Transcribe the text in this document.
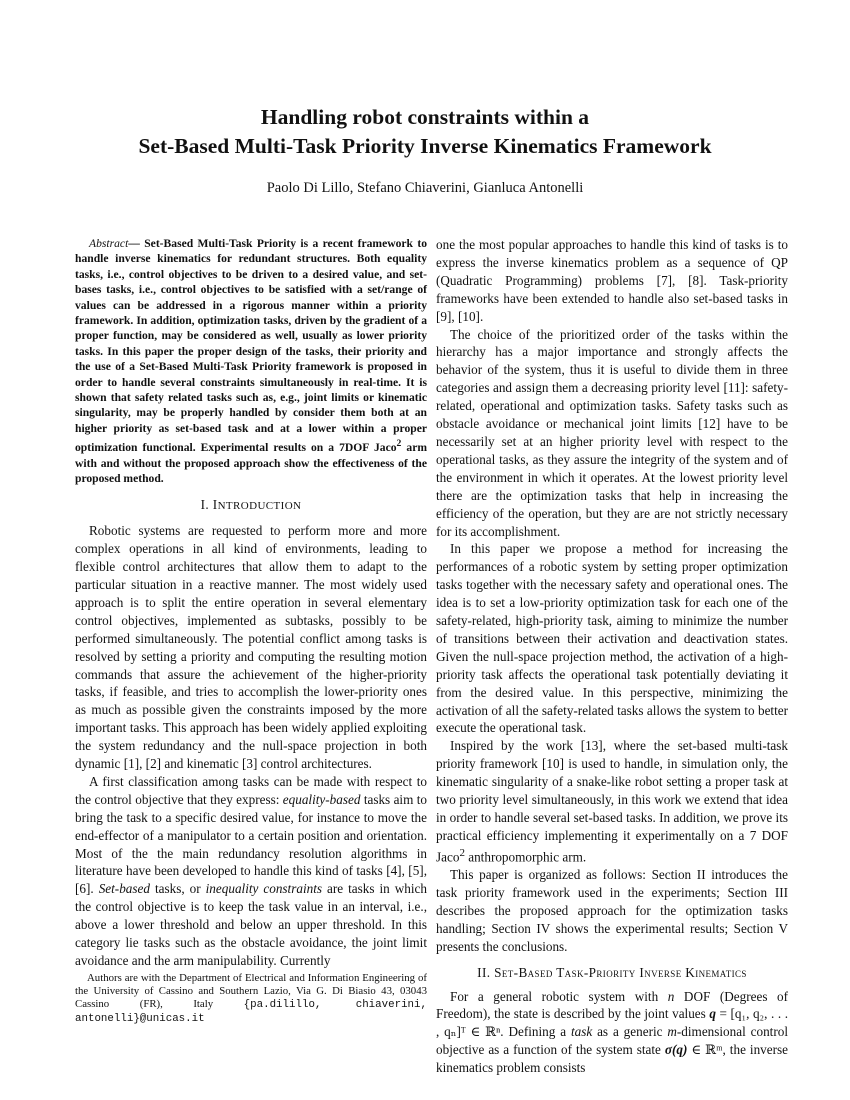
Handling robot constraints within a
Set-Based Multi-Task Priority Inverse Kinematics Framework
Paolo Di Lillo, Stefano Chiaverini, Gianluca Antonelli

Abstract— Set-Based Multi-Task Priority is a recent framework to handle inverse kinematics for redundant structures. Both equality tasks, i.e., control objectives to be driven to a desired value, and set-bases tasks, i.e., control objectives to be satisfied with a set/range of values can be addressed in a rigorous manner within a priority framework. In addition, optimization tasks, driven by the gradient of a proper function, may be considered as well, usually as lower priority tasks. In this paper the proper design of the tasks, their priority and the use of a Set-Based Multi-Task Priority framework is proposed in order to handle several constraints simultaneously in real-time. It is shown that safety related tasks such as, e.g., joint limits or kinematic singularity, may be properly handled by consider them both at an higher priority as set-based task and at a lower within a proper optimization functional. Experimental results on a 7DOF Jaco$^2$ arm with and without the proposed approach show the effectiveness of the proposed method.

I. INTRODUCTION

Robotic systems are requested to perform more and more complex operations in all kind of environments, leading to flexible control architectures that allow them to adapt to the particular situation in a reactive manner. The most widely used approach is to split the entire operation in several elementary control objectives, implemented as subtasks, possibly to be performed simultaneously. The potential conflict among tasks is resolved by setting a priority and computing the resulting motion commands that assure the achievement of the higher-priority tasks, if feasible, and tries to accomplish the lower-priority ones as much as possible given the constraints imposed by the more important tasks. This approach has been widely applied exploiting the system redundancy and the null-space projection in both dynamic [1], [2] and kinematic [3] control architectures.

A first classification among tasks can be made with respect to the control objective that they express: equality-based tasks aim to bring the task to a specific desired value, for instance to move the end-effector of a manipulator to a certain position and orientation. Most of the the main redundancy resolution algorithms in literature have been developed to handle this kind of tasks [4], [5], [6]. Set-based tasks, or inequality constraints are tasks in which the control objective is to keep the task value in an interval, i.e., above a lower threshold and below an upper threshold. In this category lie tasks such as the obstacle avoidance, the joint limit avoidance and the arm manipulability. Currently

Authors are with the Department of Electrical and Information Engineering of the University of Cassino and Southern Lazio, Via G. Di Biasio 43, 03043 Cassino (FR), Italy {pa.dilillo, chiaverini, antonelli}@unicas.it

one the most popular approaches to handle this kind of tasks is to express the inverse kinematics problem as a sequence of QP (Quadratic Programming) problems [7], [8]. Task-priority frameworks have been extended to handle also set-based tasks in [9], [10].

The choice of the prioritized order of the tasks within the hierarchy has a major importance and strongly affects the behavior of the system, thus it is useful to divide them in three categories and assign them a decreasing priority level [11]: safety-related, operational and optimization tasks. Safety tasks such as obstacle avoidance or mechanical joint limits [12] have to be necessarily set at an higher priority level with respect to the operational tasks, as they assure the integrity of the system and of the environment in which it operates. At the lowest priority level there are the optimization tasks that help in increasing the efficiency of the operation, but they are are not strictly necessary for its accomplishment.

In this paper we propose a method for increasing the performances of a robotic system by setting proper optimization tasks together with the necessary safety and operational ones. The idea is to set a low-priority optimization task for each one of the safety-related, high-priority task, aiming to minimize the number of transitions between their activation and deactivation states. Given the null-space projection method, the activation of a high-priority task affects the operational task potentially deviating it from the desired value. In this perspective, minimizing the activation of all the safety-related tasks allows the system to better execute the operational task.

Inspired by the work [13], where the set-based multi-task priority framework [10] is used to handle, in simulation only, the kinematic singularity of a snake-like robot setting a proper task at two priority level simultaneously, in this work we extend that idea in order to handle several set-based tasks. In addition, we prove its practical efficiency implementing it experimentally on a 7 DOF Jaco$^2$ anthropomorphic arm.

This paper is organized as follows: Section II introduces the task priority framework used in the experiments; Section III describes the proposed approach for the optimization tasks handling; Section IV shows the experimental results; Section V presents the conclusions.

II. Set-Based Task-Priority Inverse Kinematics

For a general robotic system with n DOF (Degrees of Freedom), the state is described by the joint values q = [q₁, q₂, . . . , qₙ]ᵀ ∈ ℝⁿ. Defining a task as a generic m-dimensional control objective as a function of the system state σ(q) ∈ ℝᵐ, the inverse kinematics problem consists
